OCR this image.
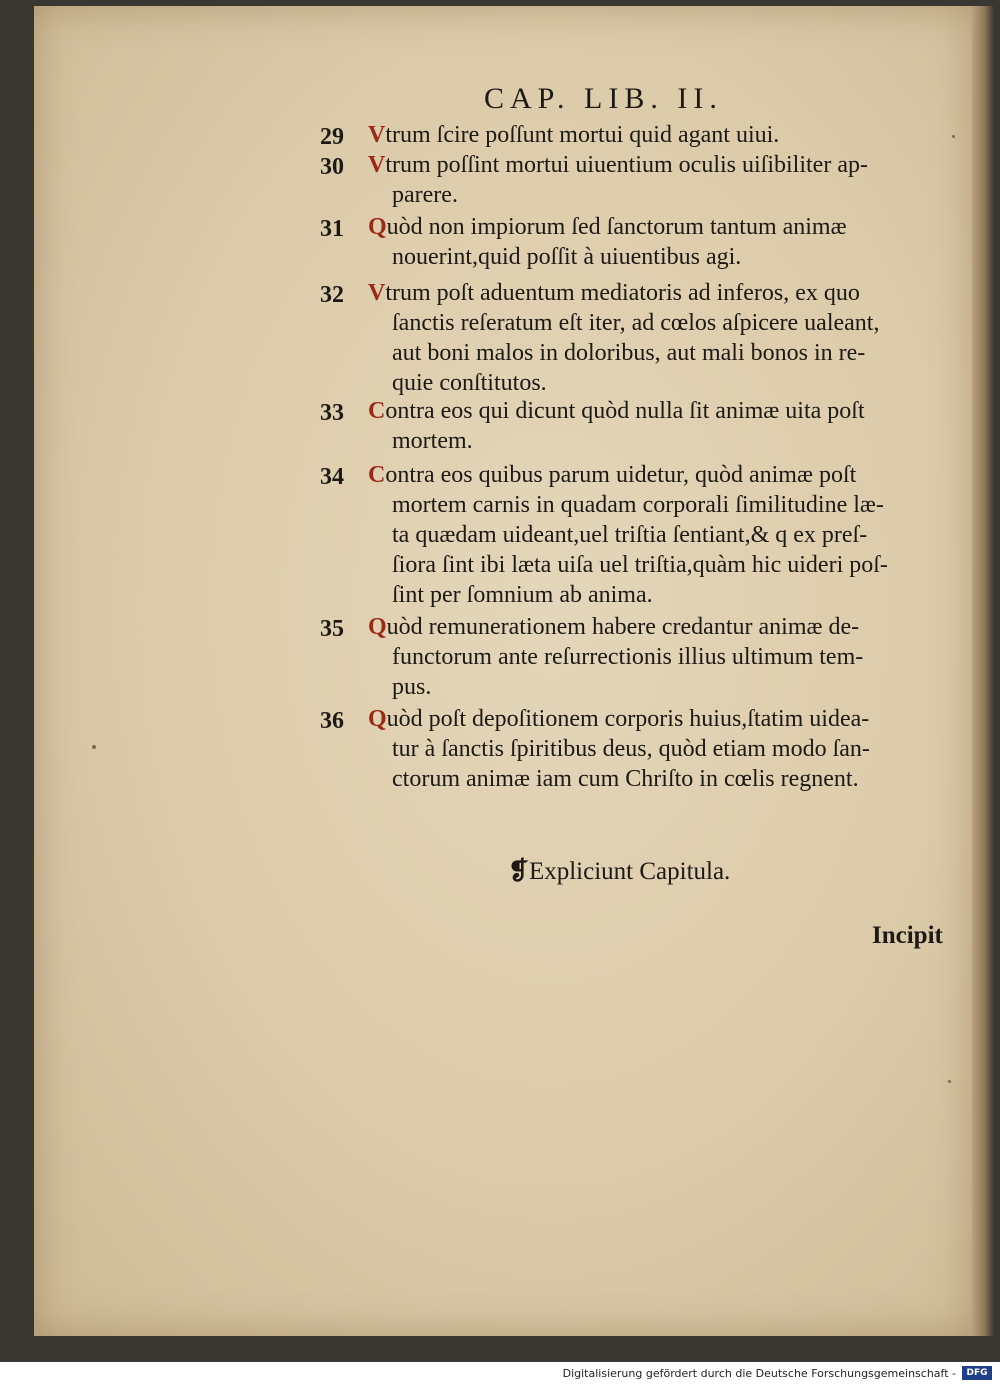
CAP. LIB. II.
29 Vtrum ſcire poſſunt mortui quid agant uiui.
30 Vtrum poſſint mortui uiuentium oculis uiſibiliter ap‑
parere.
31 Quòd non impiorum ſed ſanctorum tantum animæ
nouerint,quid poſſit à uiuentibus agi.
32 Vtrum poſt aduentum mediatoris ad inferos, ex quo
ſanctis reſeratum eſt iter, ad cœlos aſpicere ualeant,
aut boni malos in doloribus, aut mali bonos in re‑
quie conſtitutos.
33 Contra eos qui dicunt quòd nulla ſit animæ uita poſt
mortem.
34 Contra eos quibus parum uidetur, quòd animæ poſt
mortem carnis in quadam corporali ſimilitudine læ‑
ta quædam uideant,uel triſtia ſentiant,& q ex preſ‑
ſiora ſint ibi læta uiſa uel triſtia,quàm hic uideri poſ‑
ſint per ſomnium ab anima.
35 Quòd remunerationem habere credantur animæ de‑
functorum ante reſurrectionis illius ultimum tem‑
pus.
36 Quòd poſt depoſitionem corporis huius,ſtatim uidea‑
tur à ſanctis ſpiritibus deus, quòd etiam modo ſan‑
ctorum animæ iam cum Chriſto in cœlis regnent.
❡Expliciunt Capitula.
Incipit
Digitalisierung gefördert durch die Deutsche Forschungsgemeinschaft -	DFG
